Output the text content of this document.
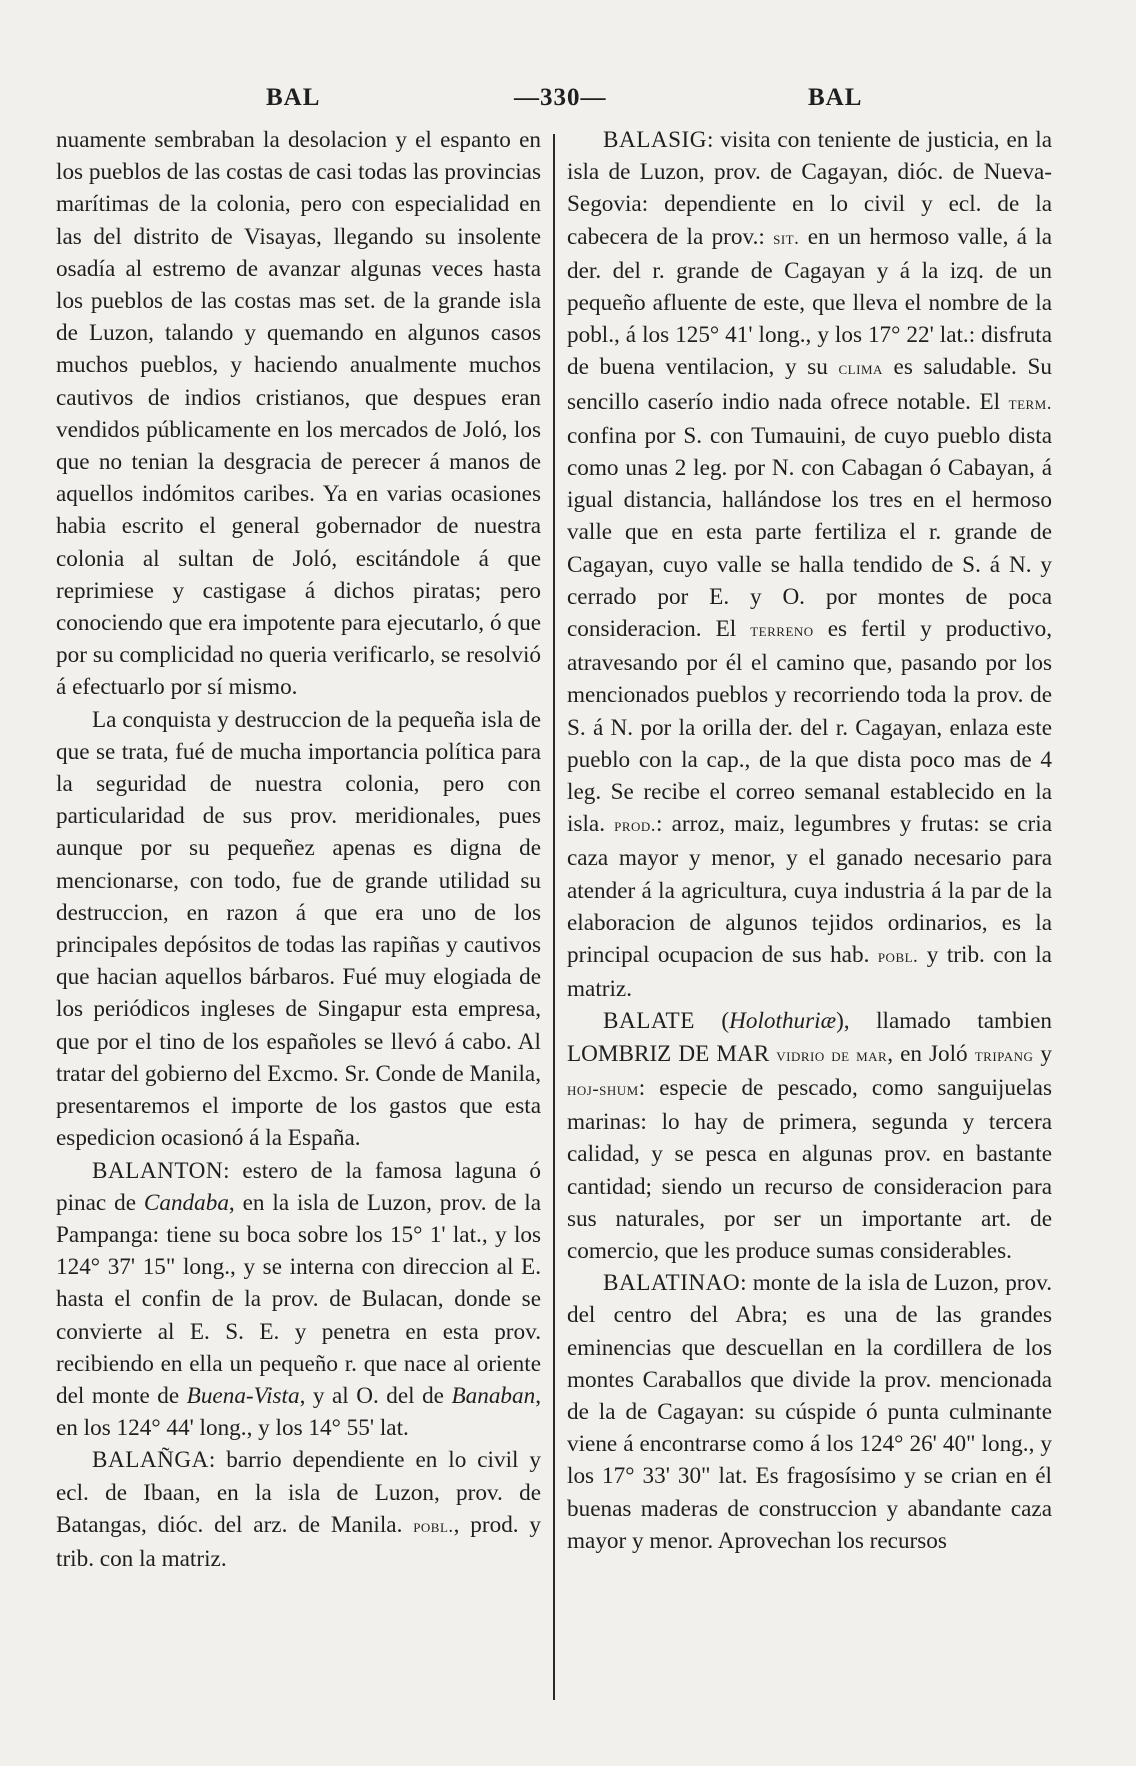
BAL	—330—	BAL

nuamente sembraban la desolacion y el espanto en los pueblos de las costas de casi todas las provincias marítimas de la colonia, pero con especialidad en las del distrito de Visayas, llegando su insolente osadía al estremo de avanzar algunas veces hasta los pueblos de las costas mas set. de la grande isla de Luzon, talando y quemando en algunos casos muchos pueblos, y haciendo anualmente muchos cautivos de indios cristianos, que despues eran vendidos públicamente en los mercados de Joló, los que no tenian la desgracia de perecer á manos de aquellos indómitos caribes. Ya en varias ocasiones habia escrito el general gobernador de nuestra colonia al sultan de Joló, escitándole á que reprimiese y castigase á dichos piratas; pero conociendo que era impotente para ejecutarlo, ó que por su complicidad no queria verificarlo, se resolvió á efectuarlo por sí mismo.

La conquista y destruccion de la pequeña isla de que se trata, fué de mucha importancia política para la seguridad de nuestra colonia, pero con particularidad de sus prov. meridionales, pues aunque por su pequeñez apenas es digna de mencionarse, con todo, fue de grande utilidad su destruccion, en razon á que era uno de los principales depósitos de todas las rapiñas y cautivos que hacian aquellos bárbaros. Fué muy elogiada de los periódicos ingleses de Singapur esta empresa, que por el tino de los españoles se llevó á cabo. Al tratar del gobierno del Excmo. Sr. Conde de Manila, presentaremos el importe de los gastos que esta espedicion ocasionó á la España.

BALANTON: estero de la famosa laguna ó pinac de Candaba, en la isla de Luzon, prov. de la Pampanga: tiene su boca sobre los 15° 1' lat., y los 124° 37' 15" long., y se interna con direccion al E. hasta el confin de la prov. de Bulacan, donde se convierte al E. S. E. y penetra en esta prov. recibiendo en ella un pequeño r. que nace al oriente del monte de Buena-Vista, y al O. del de Banaban, en los 124° 44' long., y los 14° 55' lat.

BALAÑGA: barrio dependiente en lo civil y ecl. de Ibaan, en la isla de Luzon, prov. de Batangas, dióc. del arz. de Manila. pobl., prod. y trib. con la matriz.

BALASIG: visita con teniente de justicia, en la isla de Luzon, prov. de Cagayan, dióc. de Nueva-Segovia: dependiente en lo civil y ecl. de la cabecera de la prov.: sit. en un hermoso valle, á la der. del r. grande de Cagayan y á la izq. de un pequeño afluente de este, que lleva el nombre de la pobl., á los 125° 41' long., y los 17° 22' lat.: disfruta de buena ventilacion, y su clima es saludable. Su sencillo caserío indio nada ofrece notable. El term. confina por S. con Tumauini, de cuyo pueblo dista como unas 2 leg. por N. con Cabagan ó Cabayan, á igual distancia, hallándose los tres en el hermoso valle que en esta parte fertiliza el r. grande de Cagayan, cuyo valle se halla tendido de S. á N. y cerrado por E. y O. por montes de poca consideracion. El terreno es fertil y productivo, atravesando por él el camino que, pasando por los mencionados pueblos y recorriendo toda la prov. de S. á N. por la orilla der. del r. Cagayan, enlaza este pueblo con la cap., de la que dista poco mas de 4 leg. Se recibe el correo semanal establecido en la isla. prod.: arroz, maiz, legumbres y frutas: se cria caza mayor y menor, y el ganado necesario para atender á la agricultura, cuya industria á la par de la elaboracion de algunos tejidos ordinarios, es la principal ocupacion de sus hab. pobl. y trib. con la matriz.

BALATE (Holothuriæ), llamado tambien LOMBRIZ DE MAR vidrio de mar, en Joló tripang y hoj-shum: especie de pescado, como sanguijuelas marinas: lo hay de primera, segunda y tercera calidad, y se pesca en algunas prov. en bastante cantidad; siendo un recurso de consideracion para sus naturales, por ser un importante art. de comercio, que les produce sumas considerables.

BALATINAO: monte de la isla de Luzon, prov. del centro del Abra; es una de las grandes eminencias que descuellan en la cordillera de los montes Caraballos que divide la prov. mencionada de la de Cagayan: su cúspide ó punta culminante viene á encontrarse como á los 124° 26' 40" long., y los 17° 33' 30" lat. Es fragosísimo y se crian en él buenas maderas de construccion y abandante caza mayor y menor. Aprovechan los recursos
